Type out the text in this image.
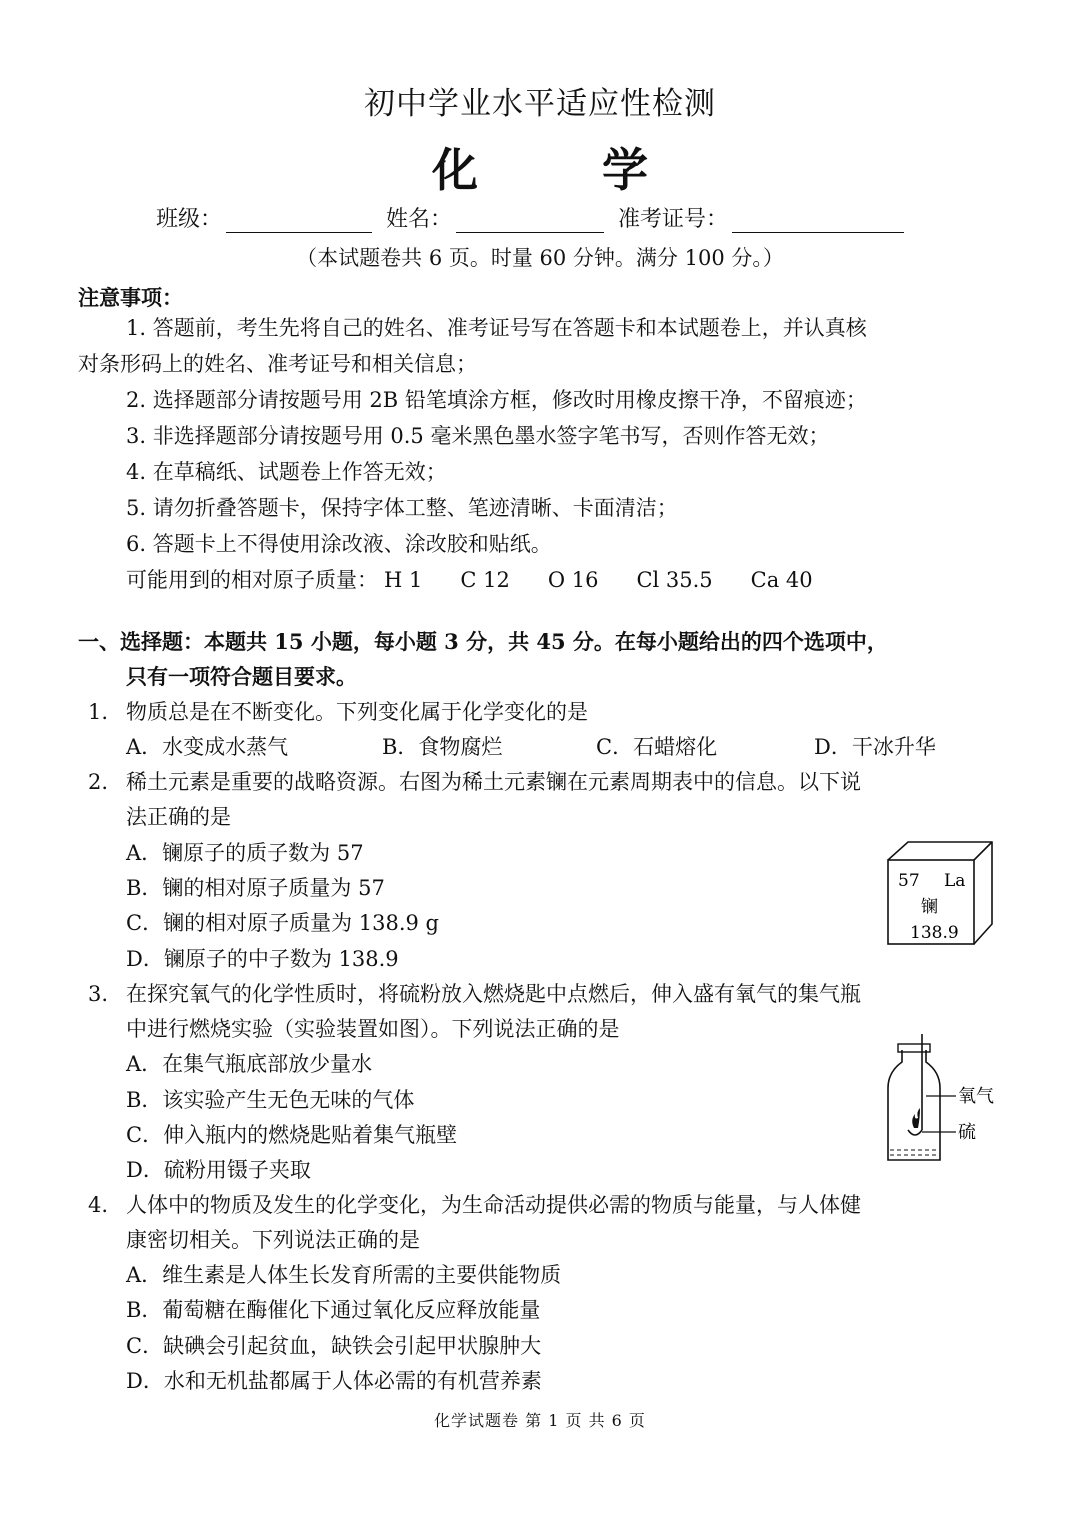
初中学业水平适应性检测
化 学
班级：	姓名：	准考证号：
（本试题卷共 6 页。时量 60 分钟。满分 100 分。）
注意事项：
1. 答题前，考生先将自己的姓名、准考证号写在答题卡和本试题卷上，并认真核
对条形码上的姓名、准考证号和相关信息；
2. 选择题部分请按题号用 2B 铅笔填涂方框，修改时用橡皮擦干净，不留痕迹；
3. 非选择题部分请按题号用 0.5 毫米黑色墨水签字笔书写，否则作答无效；
4. 在草稿纸、试题卷上作答无效；
5. 请勿折叠答题卡，保持字体工整、笔迹清晰、卡面清洁；
6. 答题卡上不得使用涂改液、涂改胶和贴纸。
可能用到的相对原子质量： H 1 C 12 O 16 Cl 35.5 Ca 40
一、选择题：本题共 15 小题，每小题 3 分，共 45 分。在每小题给出的四个选项中，
只有一项符合题目要求。
1. 物质总是在不断变化。下列变化属于化学变化的是
A．水变成水蒸气	B．食物腐烂	C．石蜡熔化	D．干冰升华
2. 稀土元素是重要的战略资源。右图为稀土元素镧在元素周期表中的信息。以下说
法正确的是
A．镧原子的质子数为 57
B．镧的相对原子质量为 57
C．镧的相对原子质量为 138.9 g
D．镧原子的中子数为 138.9
57 La
镧
138.9
3. 在探究氧气的化学性质时，将硫粉放入燃烧匙中点燃后，伸入盛有氧气的集气瓶
中进行燃烧实验（实验装置如图）。下列说法正确的是
A．在集气瓶底部放少量水
B．该实验产生无色无味的气体
C．伸入瓶内的燃烧匙贴着集气瓶壁
D．硫粉用镊子夹取
氧气
硫
4. 人体中的物质及发生的化学变化，为生命活动提供必需的物质与能量，与人体健
康密切相关。下列说法正确的是
A．维生素是人体生长发育所需的主要供能物质
B．葡萄糖在酶催化下通过氧化反应释放能量
C．缺碘会引起贫血，缺铁会引起甲状腺肿大
D．水和无机盐都属于人体必需的有机营养素
化学试题卷 第 1 页 共 6 页
